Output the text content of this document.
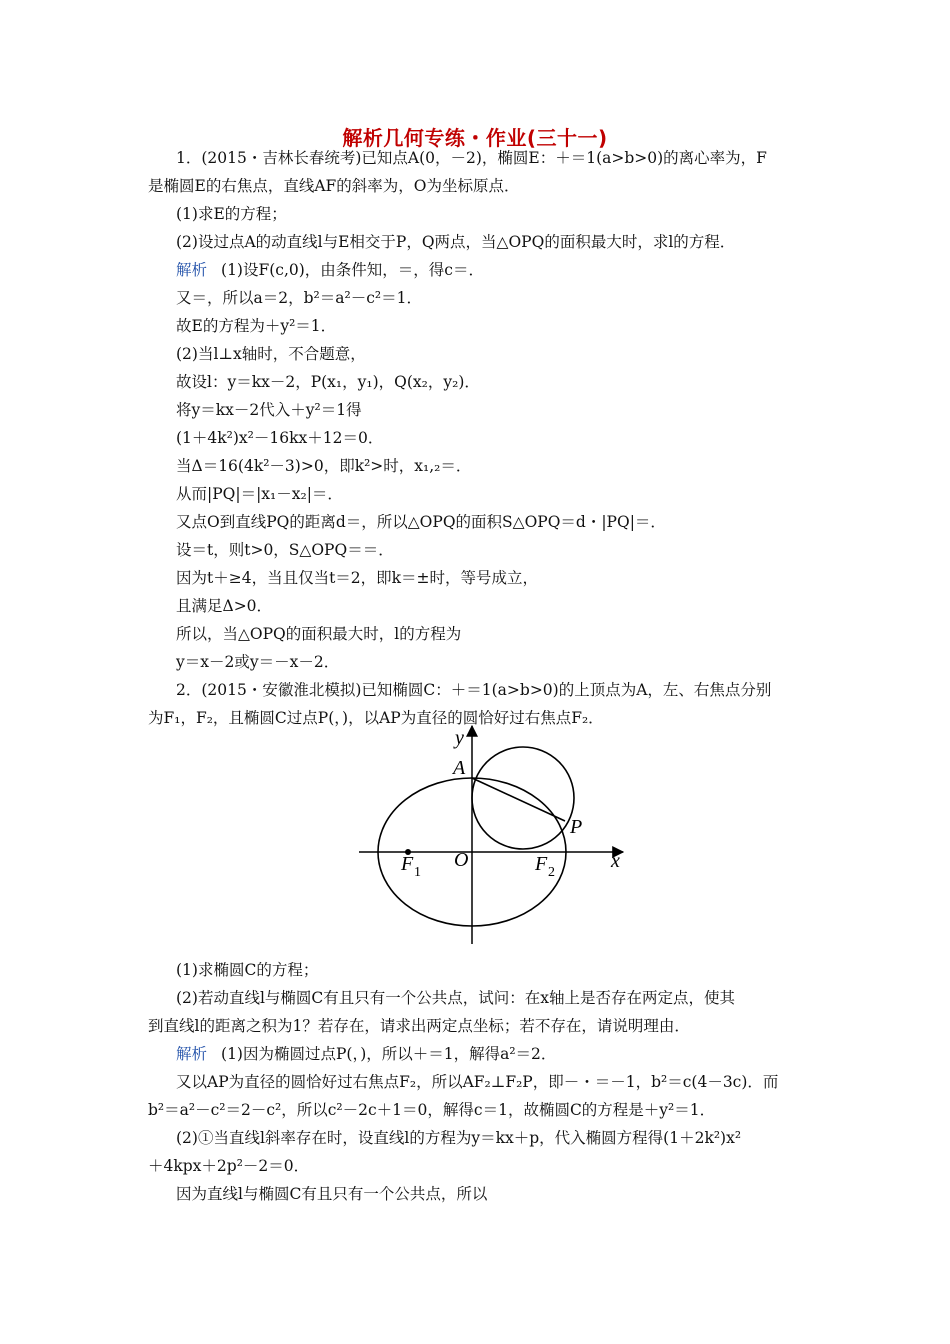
解析几何专练・作业(三十一)
1．(2015・吉林长春统考)已知点A(0，－2)，椭圆E：＋＝1(a>b>0)的离心率为，F
是椭圆E的右焦点，直线AF的斜率为，O为坐标原点．
(1)求E的方程；
(2)设过点A的动直线l与E相交于P，Q两点，当△OPQ的面积最大时，求l的方程．
解析 (1)设F(c,0)，由条件知，＝，得c＝．
又＝，所以a＝2，b²＝a²－c²＝1．
故E的方程为＋y²＝1．
(2)当l⊥x轴时，不合题意，
故设l：y＝kx－2，P(x₁，y₁)，Q(x₂，y₂)．
将y＝kx－2代入＋y²＝1得
(1＋4k²)x²－16kx＋12＝0．
当Δ＝16(4k²－3)>0，即k²>时，x₁,₂＝．
从而|PQ|＝|x₁－x₂|＝．
又点O到直线PQ的距离d＝，所以△OPQ的面积S△OPQ＝d・|PQ|＝．
设＝t，则t>0，S△OPQ＝＝．
因为t＋≥4，当且仅当t＝2，即k＝±时，等号成立，
且满足Δ>0．
所以，当△OPQ的面积最大时，l的方程为
y＝x－2或y＝－x－2．
2．(2015・安徽淮北模拟)已知椭圆C：＋＝1(a>b>0)的上顶点为A，左、右焦点分别
为F₁，F₂，且椭圆C过点P(，)，以AP为直径的圆恰好过右焦点F₂．
y
x
A
P
O
F 1	F 2
(1)求椭圆C的方程；
(2)若动直线l与椭圆C有且只有一个公共点，试问：在x轴上是否存在两定点，使其
到直线l的距离之积为1？若存在，请求出两定点坐标；若不存在，请说明理由．
解析 (1)因为椭圆过点P(，)，所以＋＝1，解得a²＝2．
又以AP为直径的圆恰好过右焦点F₂，所以AF₂⊥F₂P，即－・＝－1，b²＝c(4－3c)．而
b²＝a²－c²＝2－c²，所以c²－2c＋1＝0，解得c＝1，故椭圆C的方程是＋y²＝1．
(2)①当直线l斜率存在时，设直线l的方程为y＝kx＋p，代入椭圆方程得(1＋2k²)x²
＋4kpx＋2p²－2＝0．
因为直线l与椭圆C有且只有一个公共点，所以
